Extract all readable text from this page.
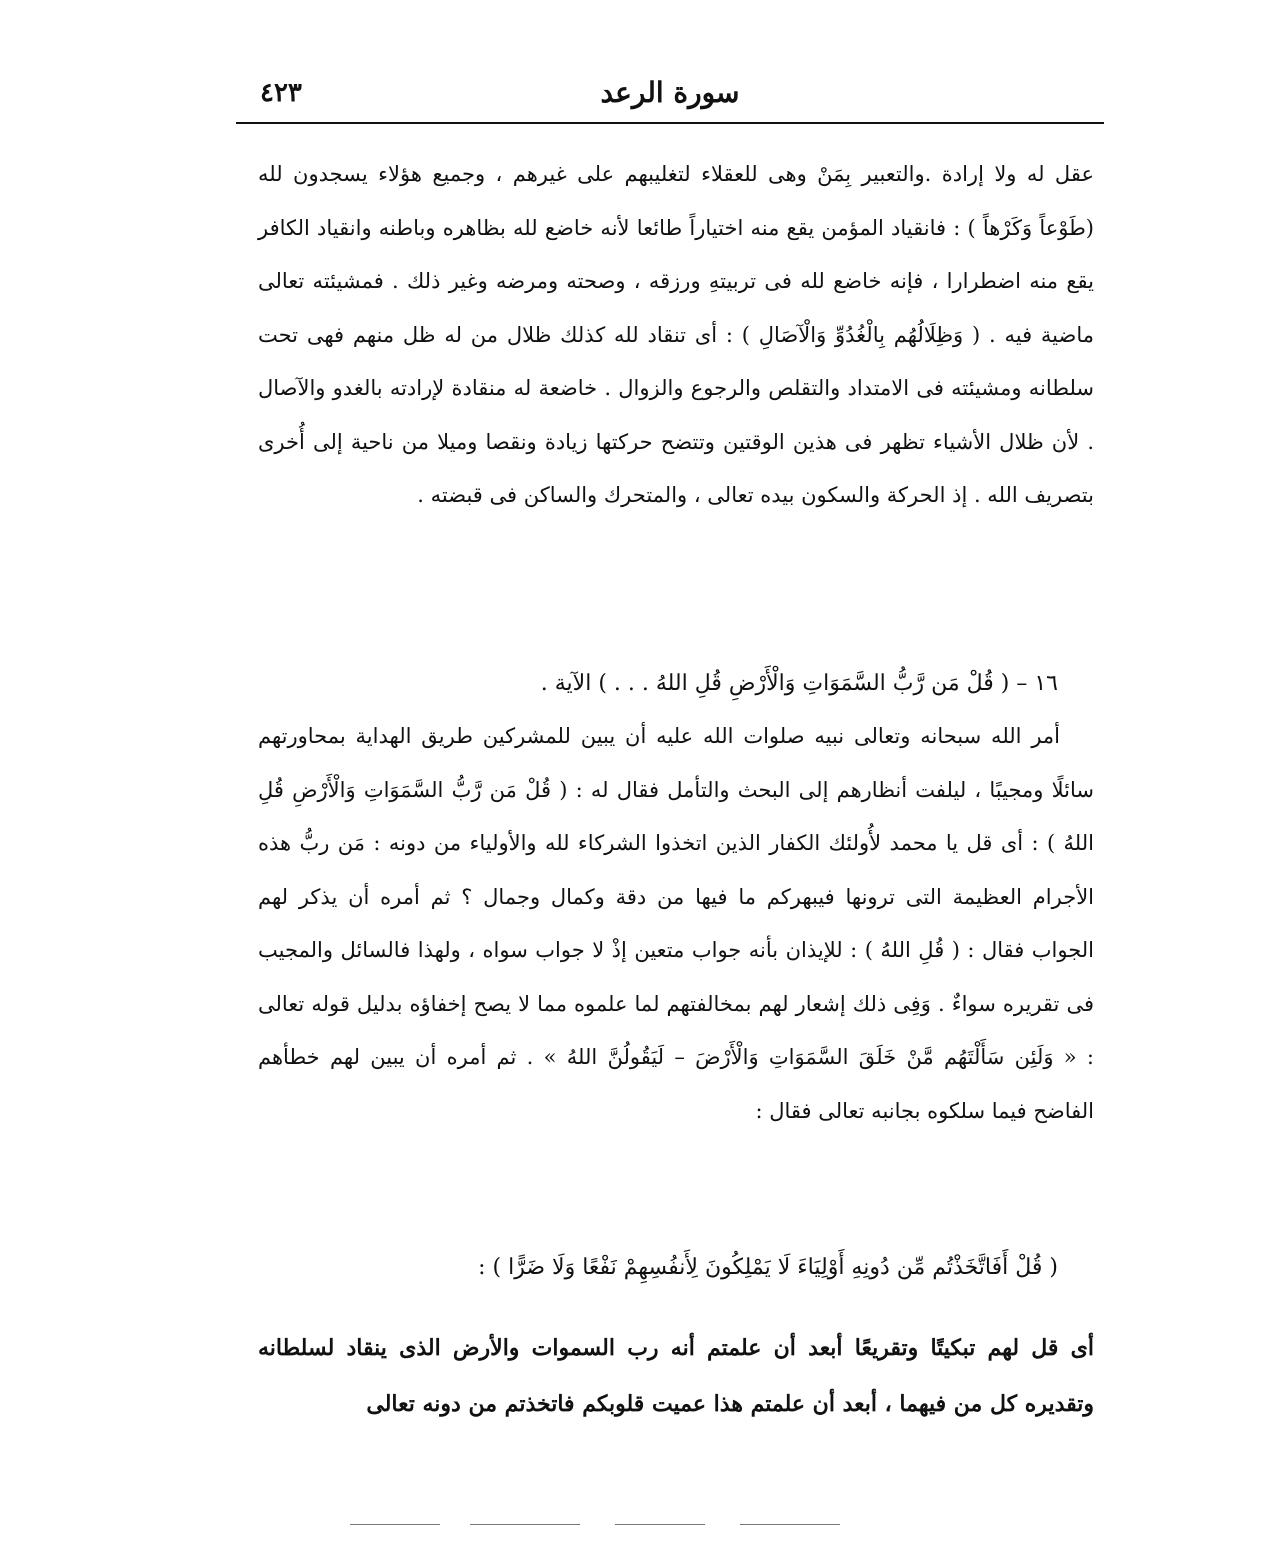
٤٢٣	سورة الرعد

عقل له ولا إرادة .والتعبير بِمَنْ وهى للعقلاء لتغليبهم على غيرهم ، وجميع هؤلاء يسجدون لله (طَوْعاً وَكَرْهاً ) : فانقياد المؤمن يقع منه اختياراً طائعا لأنه خاضع لله بظاهره وباطنه وانقياد الكافر يقع منه اضطرارا ، فإنه خاضع لله فى تربيتهِ ورزقه ، وصحته ومرضه وغير ذلك . فمشيئته تعالى ماضية فيه . ( وَظِلَالُهُم بِالْغُدُوِّ وَالْآصَالِ ) : أى تنقاد لله كذلك ظلال من له ظل منهم فهى تحت سلطانه ومشيئته فى الامتداد والتقلص والرجوع والزوال . خاضعة له منقادة لإرادته بالغدو والآصال . لأن ظلال الأشياء تظهر فى هذين الوقتين وتتضح حركتها زيادة ونقصا وميلا من ناحية إلى أُخرى بتصريف الله . إذ الحركة والسكون بيده تعالى ، والمتحرك والساكن فى قبضته .

١٦ – ( قُلْ مَن رَّبُّ السَّمَوَاتِ وَالْأَرْضِ قُلِ اللهُ . . . ) الآية .

أمر الله سبحانه وتعالى نبيه صلوات الله عليه أن يبين للمشركين طريق الهداية بمحاورتهم سائلًا ومجيبًا ، ليلفت أنظارهم إلى البحث والتأمل فقال له : ( قُلْ مَن رَّبُّ السَّمَوَاتِ وَالْأَرْضِ قُلِ اللهُ ) : أى قل يا محمد لأُولئك الكفار الذين اتخذوا الشركاء لله والأولياء من دونه : مَن ربُّ هذه الأجرام العظيمة التى ترونها فيبهركم ما فيها من دقة وكمال وجمال ؟ ثم أمره أن يذكر لهم الجواب فقال : ( قُلِ اللهُ ) : للإيذان بأنه جواب متعين إذْ لا جواب سواه ، ولهذا فالسائل والمجيب فى تقريره سواءٌ . وَفِى ذلك إشعار لهم بمخالفتهم لما علموه مما لا يصح إخفاؤه بدليل قوله تعالى : « وَلَئِن سَأَلْتَهُم مَّنْ خَلَقَ السَّمَوَاتِ وَالْأَرْضَ – لَيَقُولُنَّ اللهُ » . ثم أمره أن يبين لهم خطأهم الفاضح فيما سلكوه بجانبه تعالى فقال :

( قُلْ أَفَاتَّخَذْتُم مِّن دُونِهِ أَوْلِيَاءَ لَا يَمْلِكُونَ لِأَنفُسِهِمْ نَفْعًا وَلَا ضَرًّا ) :

أى قل لهم تبكيتًا وتقريعًا أبعد أن علمتم أنه رب السموات والأرض الذى ينقاد لسلطانه وتقديره كل من فيهما ، أبعد أن علمتم هذا عميت قلوبكم فاتخذتم من دونه تعالى
